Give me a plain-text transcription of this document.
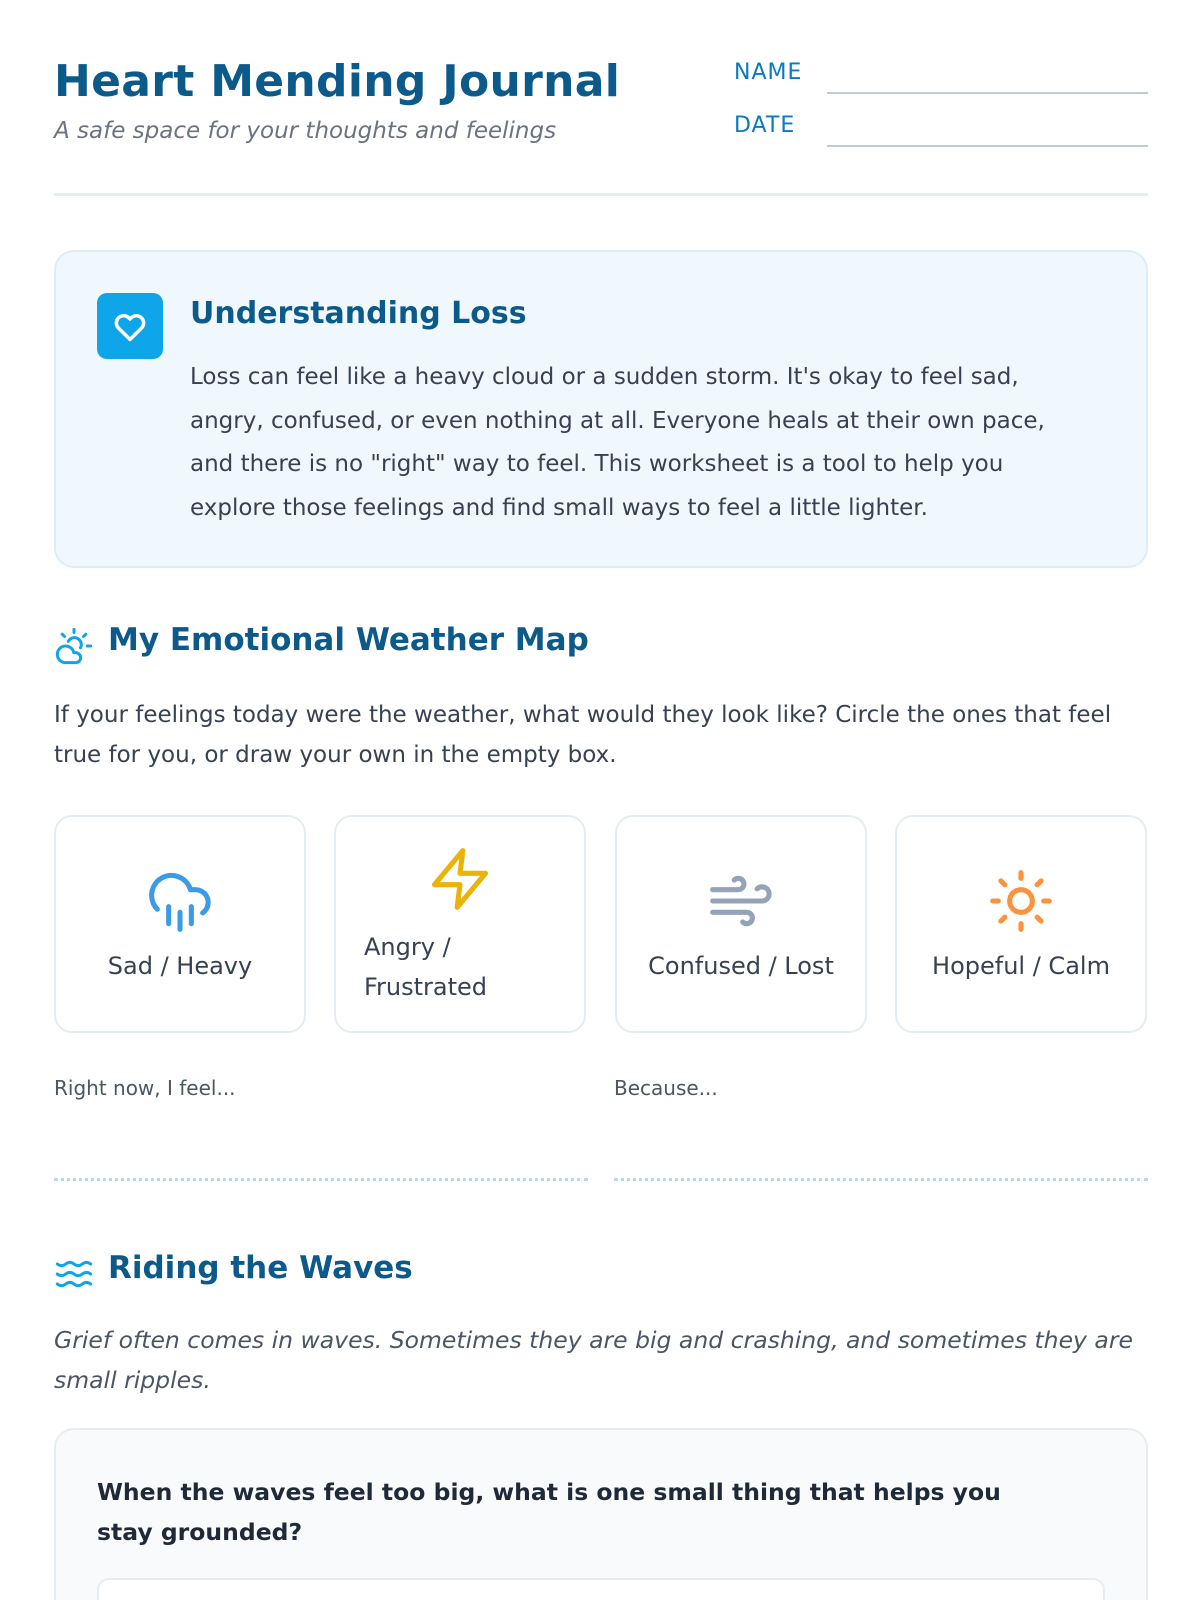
Heart Mending Journal
A safe space for your thoughts and feelings
NAME
DATE
Understanding Loss
Loss can feel like a heavy cloud or a sudden storm. It's okay to feel sad, angry, confused, or even nothing at all. Everyone heals at their own pace, and there is no "right" way to feel. This worksheet is a tool to help you explore those feelings and find small ways to feel a little lighter.
My Emotional Weather Map
If your feelings today were the weather, what would they look like? Circle the ones that feel true for you, or draw your own in the empty box.
Sad / Heavy
Angry / Frustrated
Confused / Lost	Hopeful / Calm
Right now, I feel...	Because...
Riding the Waves
Grief often comes in waves. Sometimes they are big and crashing, and sometimes they are small ripples.
When the waves feel too big, what is one small thing that helps you stay grounded?
